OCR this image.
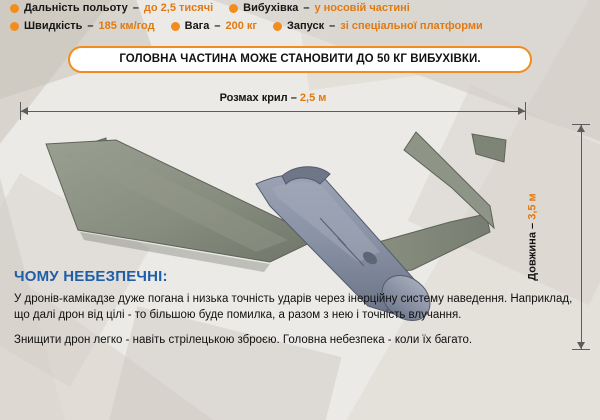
Дальність польоту – до 2,5 тисячі	Вибухівка – у носовій частині
Швидкість – 185 км/год	Вага – 200 кг	Запуск – зі спеціальної платформи
ГОЛОВНА ЧАСТИНА МОЖЕ СТАНОВИТИ ДО 50 КГ ВИБУХІВКИ.
Розмах крил – 2,5 м
Довжина – 3,5 м
ЧОМУ НЕБЕЗПЕЧНІ:

У дронів-камікадзе дуже погана і низька точність ударів через інерційну систему наведення. Наприклад, що далі дрон від цілі - то більшою буде помилка, а разом з нею і точність влучання.

Знищити дрон легко - навіть стрілецькою зброєю. Головна небезпека - коли їх багато.
